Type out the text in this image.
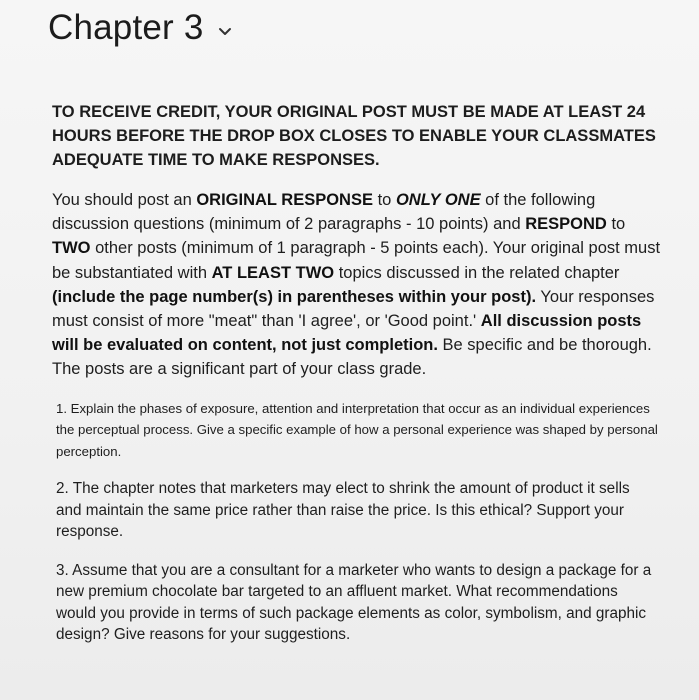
Chapter 3

TO RECEIVE CREDIT, YOUR ORIGINAL POST MUST BE MADE AT LEAST 24 HOURS BEFORE THE DROP BOX CLOSES TO ENABLE YOUR CLASSMATES ADEQUATE TIME TO MAKE RESPONSES.

You should post an ORIGINAL RESPONSE to ONLY ONE of the following discussion questions (minimum of 2 paragraphs - 10 points) and RESPOND to TWO other posts (minimum of 1 paragraph - 5 points each). Your original post must be substantiated with AT LEAST TWO topics discussed in the related chapter (include the page number(s) in parentheses within your post). Your responses must consist of more "meat" than 'I agree', or 'Good point.' All discussion posts will be evaluated on content, not just completion. Be specific and be thorough. The posts are a significant part of your class grade.

1. Explain the phases of exposure, attention and interpretation that occur as an individual experiences the perceptual process. Give a specific example of how a personal experience was shaped by personal perception.

2. The chapter notes that marketers may elect to shrink the amount of product it sells and maintain the same price rather than raise the price. Is this ethical? Support your response.

3. Assume that you are a consultant for a marketer who wants to design a package for a new premium chocolate bar targeted to an affluent market. What recommendations would you provide in terms of such package elements as color, symbolism, and graphic design? Give reasons for your suggestions.
